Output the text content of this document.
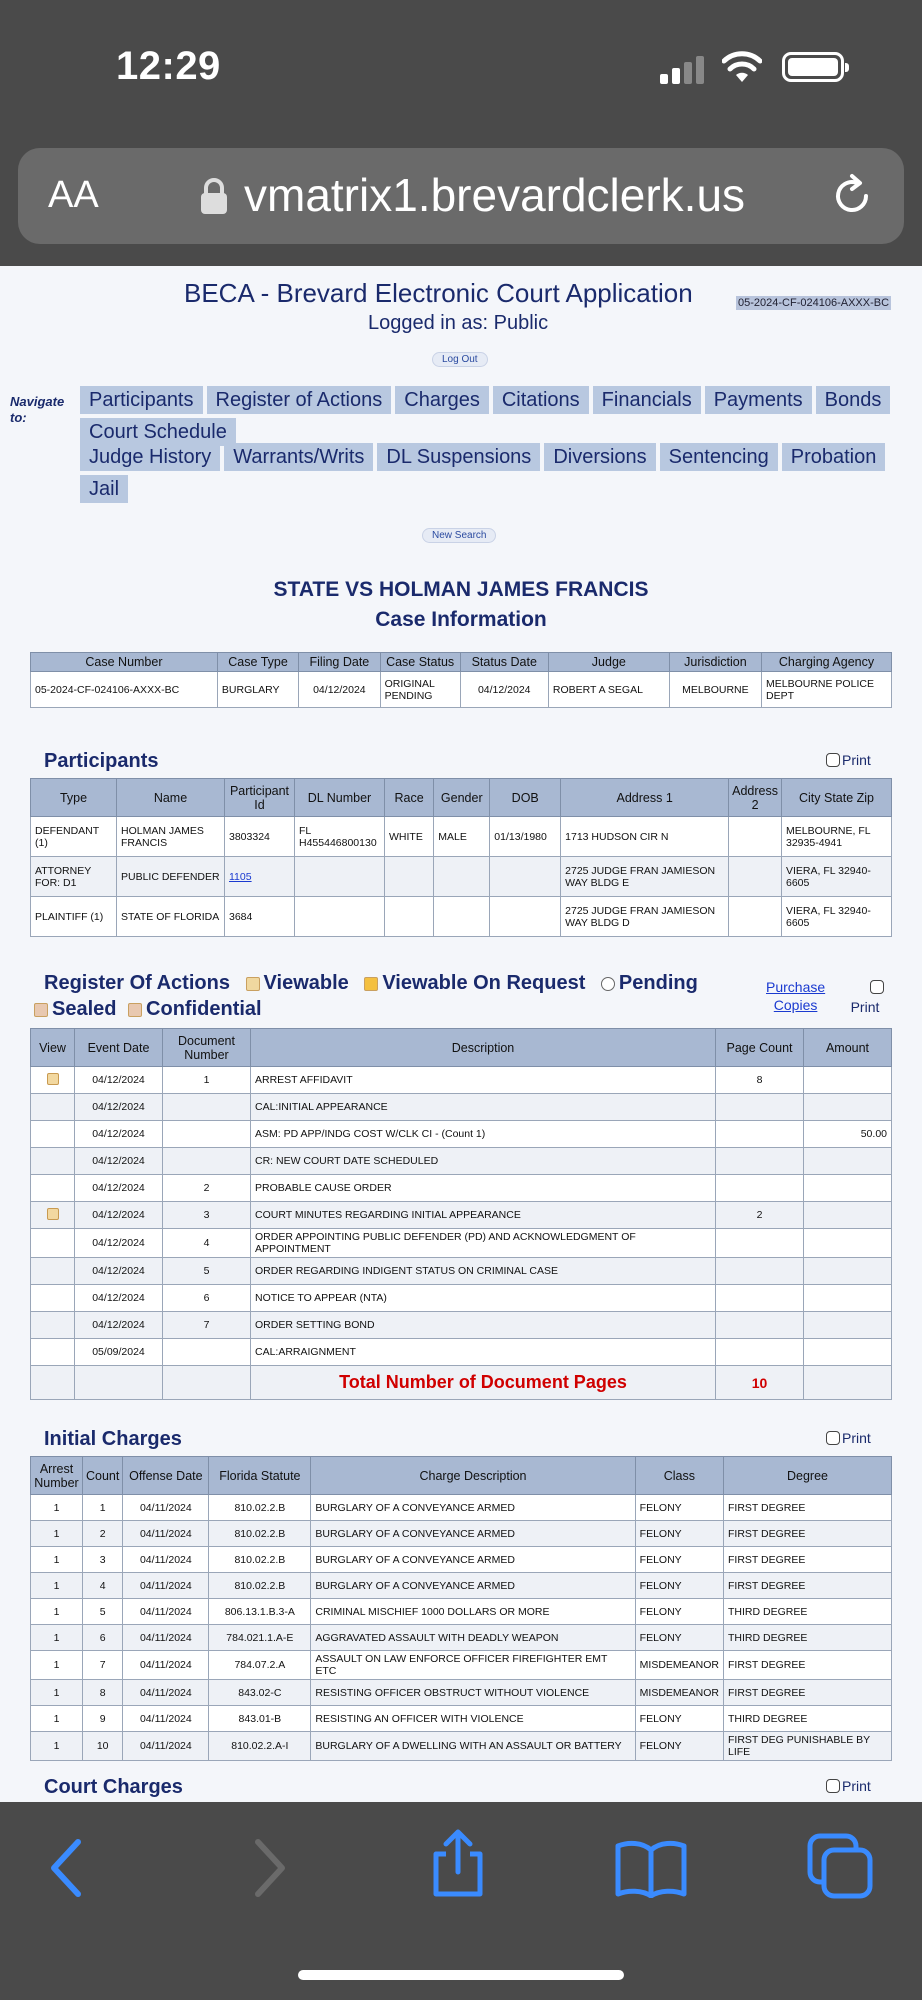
12:29
AA	vmatrix1.brevardclerk.us
BECA - Brevard Electronic Court Application	05-2024-CF-024106-AXXX-BC
Logged in as: Public
Log Out
Navigate
to:
Participants	Register of Actions	Charges	Citations	Financials	Payments	Bonds
Court Schedule
Judge History	Warrants/Writs	DL Suspensions	Diversions	Sentencing	Probation
Jail
New Search
STATE VS HOLMAN JAMES FRANCIS
Case Information
Case Number	Case Type	Filing Date	Case Status	Status Date	Judge	Jurisdiction	Charging Agency
05-2024-CF-024106-AXXX-BC	BURGLARY	04/12/2024	ORIGINAL PENDING	04/12/2024	ROBERT A SEGAL	MELBOURNE	MELBOURNE POLICE DEPT
Participants	Print
Type	Name	Participant Id	DL Number	Race	Gender	DOB	Address 1	Address 2	City State Zip
DEFENDANT (1)	HOLMAN JAMES FRANCIS	3803324	FL H455446800130	WHITE	MALE	01/13/1980	1713 HUDSON CIR N		MELBOURNE, FL 32935-4941
ATTORNEY FOR: D1	PUBLIC DEFENDER	1105					2725 JUDGE FRAN JAMIESON WAY BLDG E		VIERA, FL 32940-6605
PLAINTIFF (1)	STATE OF FLORIDA	3684					2725 JUDGE FRAN JAMIESON WAY BLDG D		VIERA, FL 32940-6605
Register Of Actions Viewable Viewable On Request Pending
Sealed Confidential
Purchase
Copies	Print
View	Event Date	Document Number	Description	Page Count	Amount
	04/12/2024	1	ARREST AFFIDAVIT	8	
	04/12/2024		CAL:INITIAL APPEARANCE		
	04/12/2024		ASM: PD APP/INDG COST W/CLK CI - (Count 1)		50.00
	04/12/2024		CR: NEW COURT DATE SCHEDULED		
	04/12/2024	2	PROBABLE CAUSE ORDER		
	04/12/2024	3	COURT MINUTES REGARDING INITIAL APPEARANCE	2	
	04/12/2024	4	ORDER APPOINTING PUBLIC DEFENDER (PD) AND ACKNOWLEDGMENT OF APPOINTMENT		
	04/12/2024	5	ORDER REGARDING INDIGENT STATUS ON CRIMINAL CASE		
	04/12/2024	6	NOTICE TO APPEAR (NTA)		
	04/12/2024	7	ORDER SETTING BOND		
	05/09/2024		CAL:ARRAIGNMENT		
			Total Number of Document Pages	10	
Initial Charges	Print
Arrest Number	Count	Offense Date	Florida Statute	Charge Description	Class	Degree
1	1	04/11/2024	810.02.2.B	BURGLARY OF A CONVEYANCE ARMED	FELONY	FIRST DEGREE
1	2	04/11/2024	810.02.2.B	BURGLARY OF A CONVEYANCE ARMED	FELONY	FIRST DEGREE
1	3	04/11/2024	810.02.2.B	BURGLARY OF A CONVEYANCE ARMED	FELONY	FIRST DEGREE
1	4	04/11/2024	810.02.2.B	BURGLARY OF A CONVEYANCE ARMED	FELONY	FIRST DEGREE
1	5	04/11/2024	806.13.1.B.3-A	CRIMINAL MISCHIEF 1000 DOLLARS OR MORE	FELONY	THIRD DEGREE
1	6	04/11/2024	784.021.1.A-E	AGGRAVATED ASSAULT WITH DEADLY WEAPON	FELONY	THIRD DEGREE
1	7	04/11/2024	784.07.2.A	ASSAULT ON LAW ENFORCE OFFICER FIREFIGHTER EMT ETC	MISDEMEANOR	FIRST DEGREE
1	8	04/11/2024	843.02-C	RESISTING OFFICER OBSTRUCT WITHOUT VIOLENCE	MISDEMEANOR	FIRST DEGREE
1	9	04/11/2024	843.01-B	RESISTING AN OFFICER WITH VIOLENCE	FELONY	THIRD DEGREE
1	10	04/11/2024	810.02.2.A-I	BURGLARY OF A DWELLING WITH AN ASSAULT OR BATTERY	FELONY	FIRST DEG PUNISHABLE BY LIFE
Court Charges	Print
